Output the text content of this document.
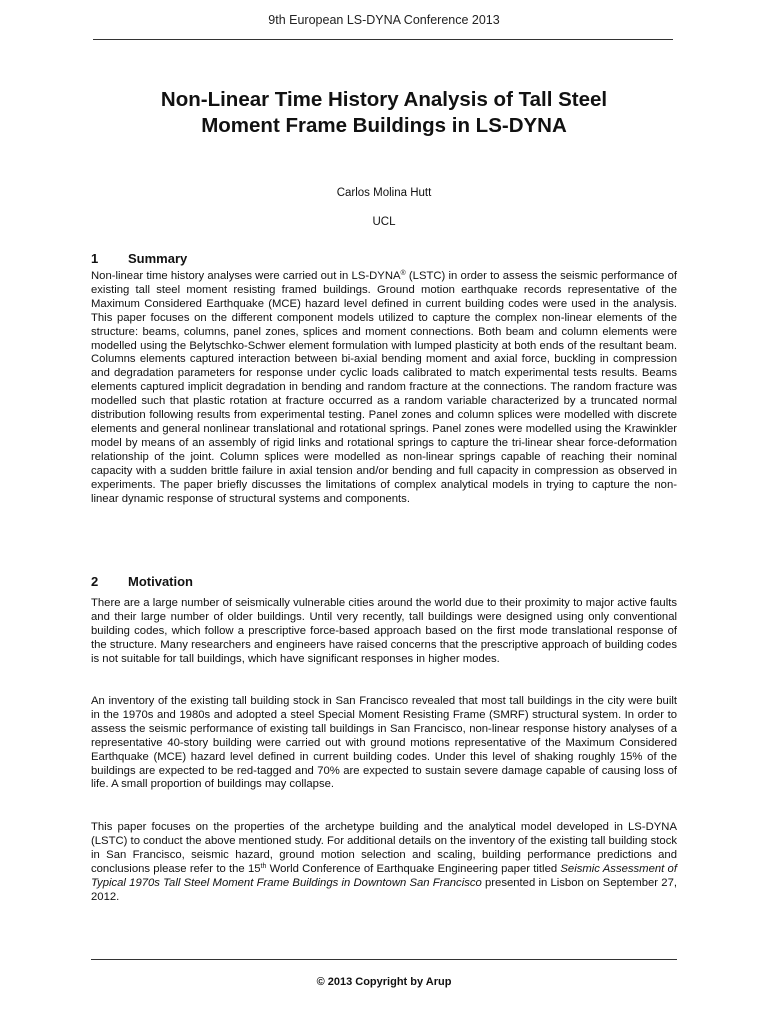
9th European LS-DYNA Conference 2013
Non-Linear Time History Analysis of Tall Steel
Moment Frame Buildings in LS-DYNA
Carlos Molina Hutt
UCL
1 Summary

Non-linear time history analyses were carried out in LS-DYNA® (LSTC) in order to assess the seismic performance of existing tall steel moment resisting framed buildings. Ground motion earthquake records representative of the Maximum Considered Earthquake (MCE) hazard level defined in current building codes were used in the analysis. This paper focuses on the different component models utilized to capture the complex non-linear elements of the structure: beams, columns, panel zones, splices and moment connections. Both beam and column elements were modelled using the Belytschko-Schwer element formulation with lumped plasticity at both ends of the resultant beam. Columns elements captured interaction between bi-axial bending moment and axial force, buckling in compression and degradation parameters for response under cyclic loads calibrated to match experimental tests results. Beams elements captured implicit degradation in bending and random fracture at the connections. The random fracture was modelled such that plastic rotation at fracture occurred as a random variable characterized by a truncated normal distribution following results from experimental testing. Panel zones and column splices were modelled with discrete elements and general nonlinear translational and rotational springs. Panel zones were modelled using the Krawinkler model by means of an assembly of rigid links and rotational springs to capture the tri-linear shear force-deformation relationship of the joint. Column splices were modelled as non-linear springs capable of reaching their nominal capacity with a sudden brittle failure in axial tension and/or bending and full capacity in compression as observed in experiments. The paper briefly discusses the limitations of complex analytical models in trying to capture the non-linear dynamic response of structural systems and components.

2 Motivation

There are a large number of seismically vulnerable cities around the world due to their proximity to major active faults and their large number of older buildings. Until very recently, tall buildings were designed using only conventional building codes, which follow a prescriptive force-based approach based on the first mode translational response of the structure. Many researchers and engineers have raised concerns that the prescriptive approach of building codes is not suitable for tall buildings, which have significant responses in higher modes.

An inventory of the existing tall building stock in San Francisco revealed that most tall buildings in the city were built in the 1970s and 1980s and adopted a steel Special Moment Resisting Frame (SMRF) structural system. In order to assess the seismic performance of existing tall buildings in San Francisco, non-linear response history analyses of a representative 40-story building were carried out with ground motions representative of the Maximum Considered Earthquake (MCE) hazard level defined in current building codes. Under this level of shaking roughly 15% of the buildings are expected to be red-tagged and 70% are expected to sustain severe damage capable of causing loss of life. A small proportion of buildings may collapse.

This paper focuses on the properties of the archetype building and the analytical model developed in LS-DYNA (LSTC) to conduct the above mentioned study. For additional details on the inventory of the existing tall building stock in San Francisco, seismic hazard, ground motion selection and scaling, building performance predictions and conclusions please refer to the 15th World Conference of Earthquake Engineering paper titled Seismic Assessment of Typical 1970s Tall Steel Moment Frame Buildings in Downtown San Francisco presented in Lisbon on September 27, 2012.

© 2013 Copyright by Arup
